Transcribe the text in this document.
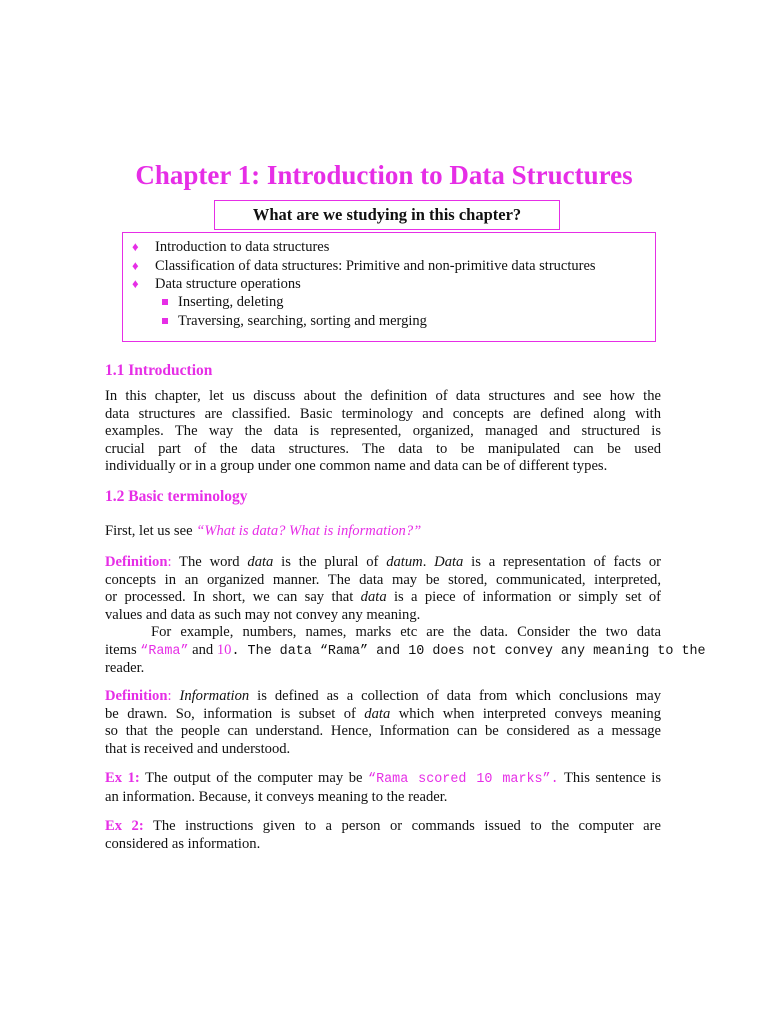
Chapter 1: Introduction to Data Structures
What are we studying in this chapter?
♦ Introduction to data structures
♦ Classification of data structures: Primitive and non-primitive data structures
♦ Data structure operations
Inserting, deleting
Traversing, searching, sorting and merging
1.1 Introduction
In this chapter, let us discuss about the definition of data structures and see how the
data structures are classified. Basic terminology and concepts are defined along with
examples. The way the data is represented, organized, managed and structured is
crucial part of the data structures. The data to be manipulated can be used
individually or in a group under one common name and data can be of different types.
1.2 Basic terminology
First, let us see “What is data? What is information?”
Definition: The word data is the plural of datum. Data is a representation of facts or
concepts in an organized manner. The data may be stored, communicated, interpreted,
or processed. In short, we can say that data is a piece of information or simply set of
values and data as such may not convey any meaning.
For example, numbers, names, marks etc are the data. Consider the two data
items “Rama” and 10. The data “Rama” and 10 does not convey any meaning to the
reader.
Definition: Information is defined as a collection of data from which conclusions may
be drawn. So, information is subset of data which when interpreted conveys meaning
so that the people can understand. Hence, Information can be considered as a message
that is received and understood.
Ex 1: The output of the computer may be “Rama scored 10 marks”. This sentence is
an information. Because, it conveys meaning to the reader.
Ex 2: The instructions given to a person or commands issued to the computer are
considered as information.
